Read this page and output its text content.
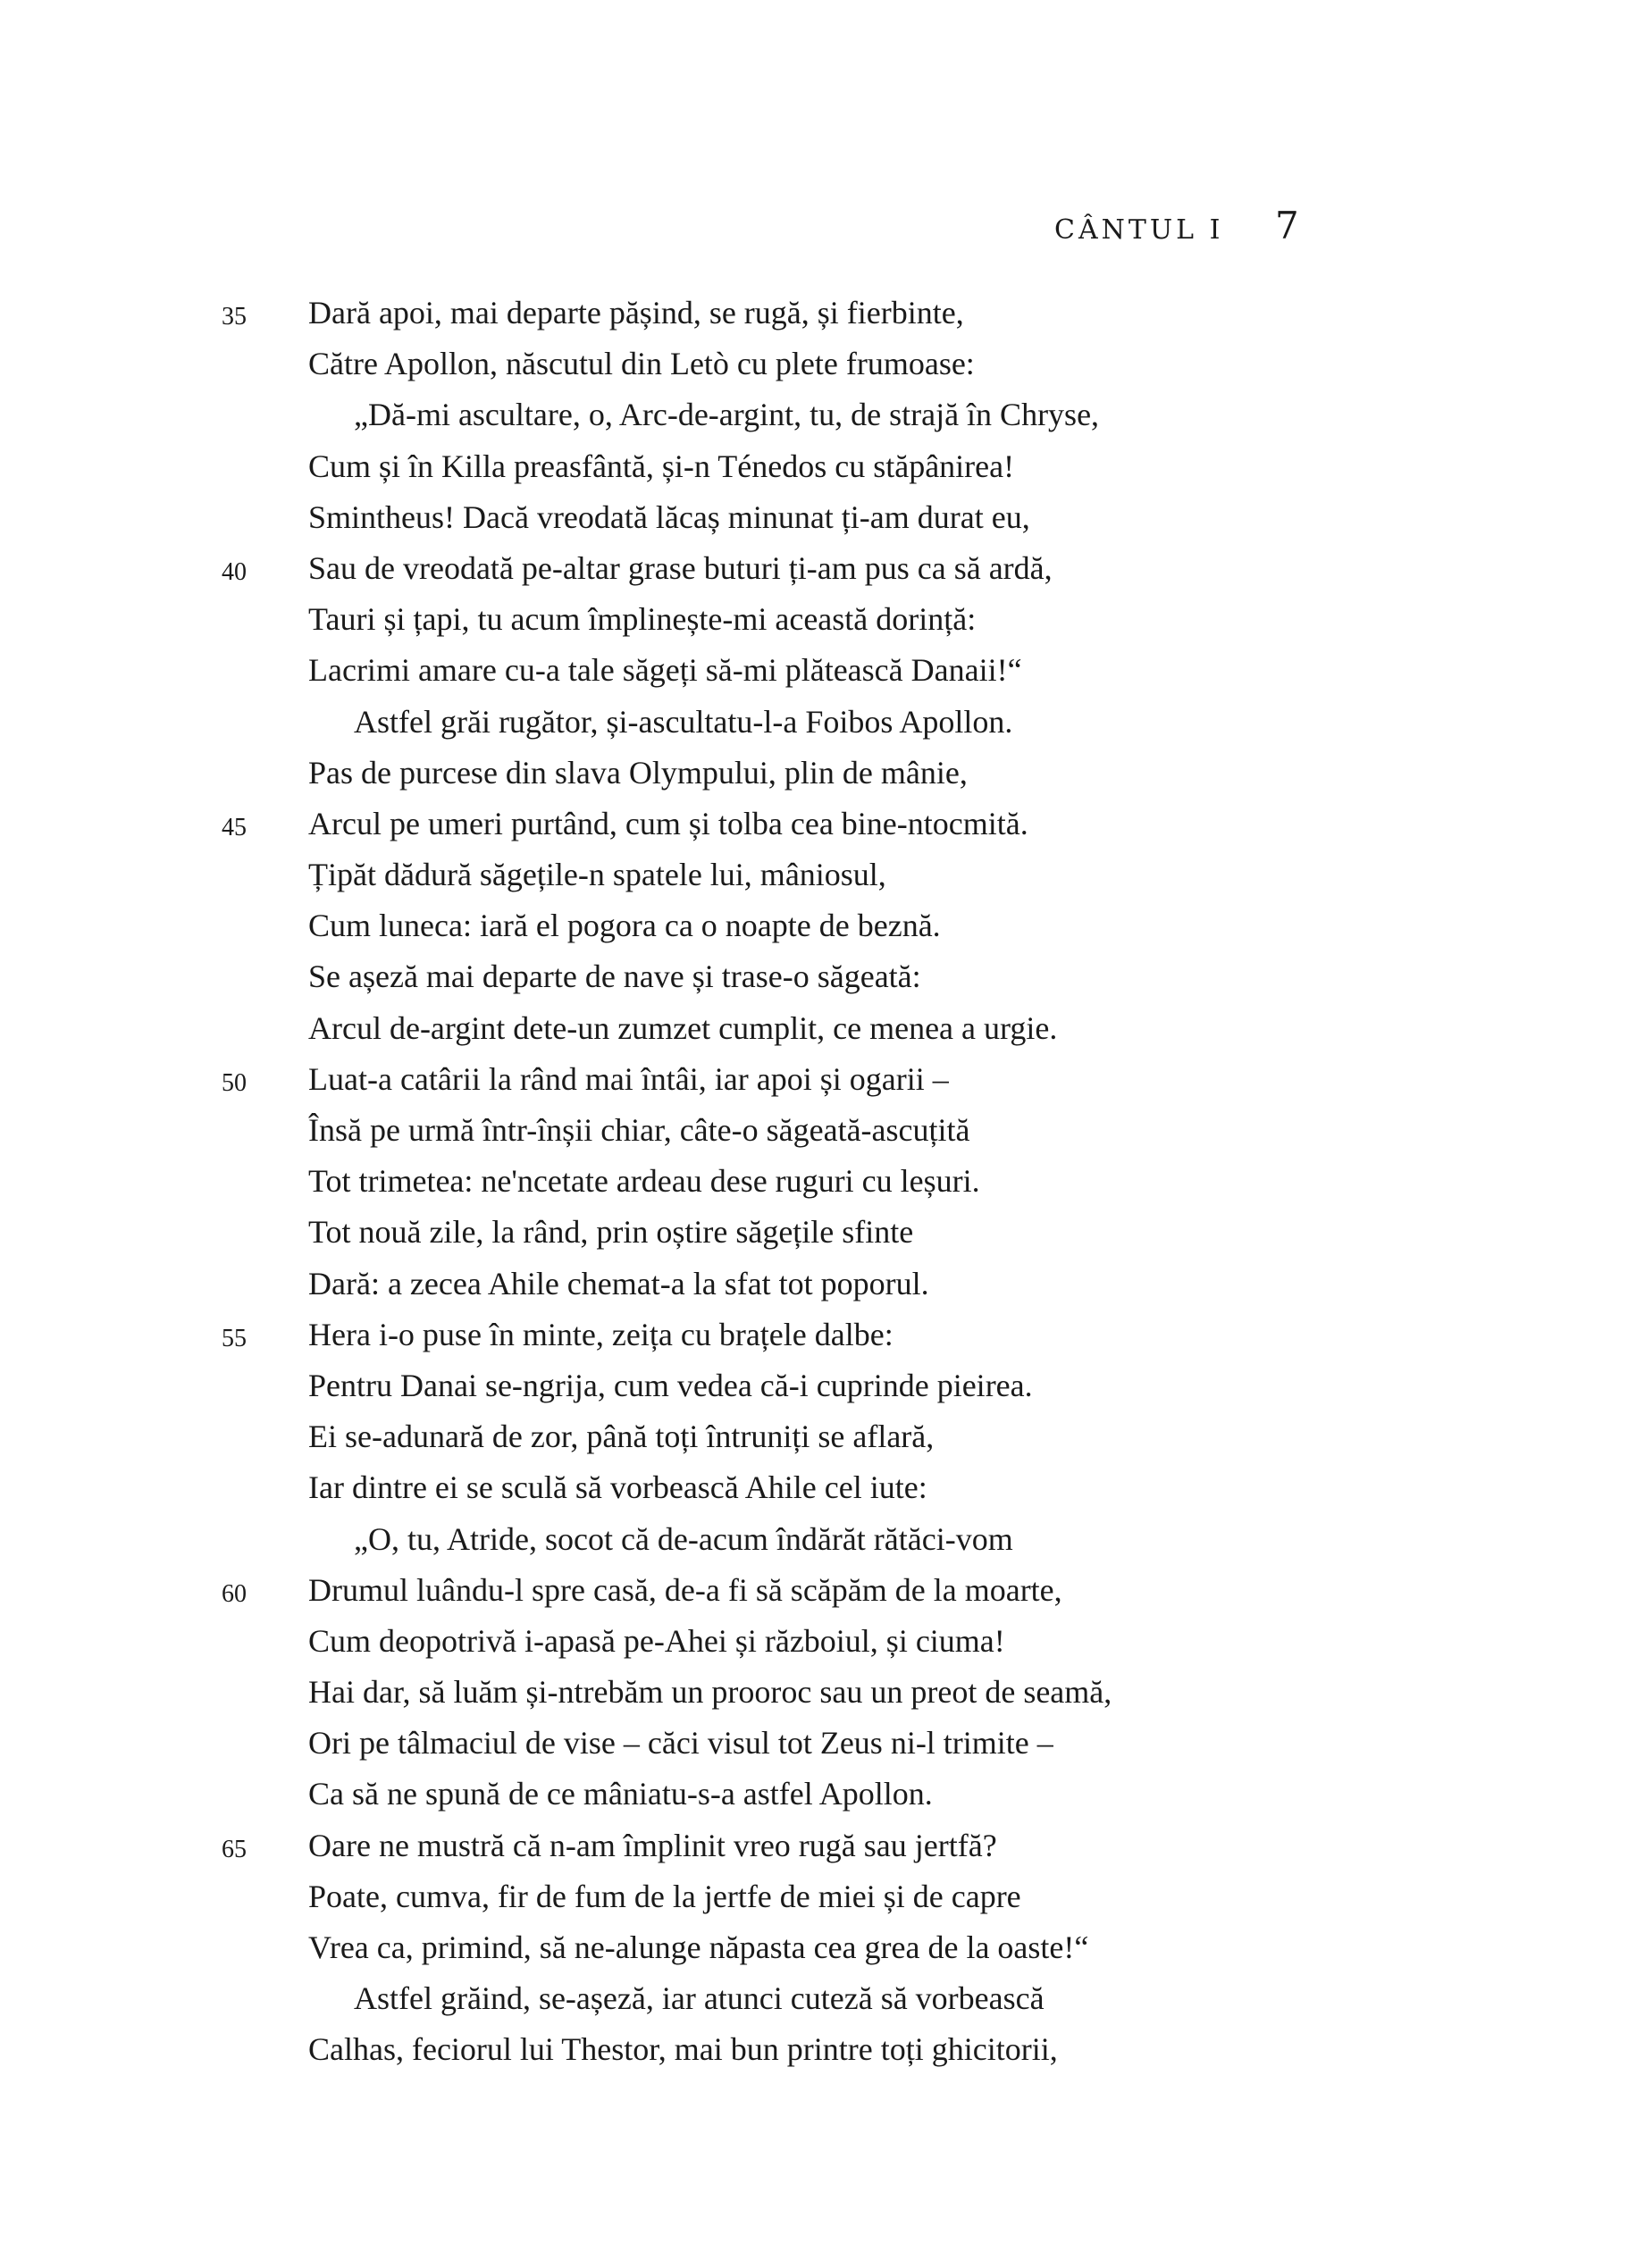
CÂNTUL I 7
35 Dară apoi, mai departe pășind, se rugă, și fierbinte,
Către Apollon, născutul din Letò cu plete frumoase:
„Dă-mi ascultare, o, Arc-de-argint, tu, de strajă în Chryse,
Cum și în Killa preasfântă, și-n Ténedos cu stăpânirea!
Smintheus! Dacă vreodată lăcaș minunat ți-am durat eu,
40 Sau de vreodată pe-altar grase buturi ți-am pus ca să ardă,
Tauri și țapi, tu acum împlinește-mi această dorință:
Lacrimi amare cu-a tale săgeți să-mi plătească Danaii!“
Astfel grăi rugător, și-ascultatu-l-a Foibos Apollon.
Pas de purcese din slava Olympului, plin de mânie,
45 Arcul pe umeri purtând, cum și tolba cea bine-ntocmită.
Țipăt dădură săgețile-n spatele lui, mâniosul,
Cum luneca: iară el pogora ca o noapte de beznă.
Se așeză mai departe de nave și trase-o săgeată:
Arcul de-argint dete-un zumzet cumplit, ce menea a urgie.
50 Luat-a catârii la rând mai întâi, iar apoi și ogarii –
Însă pe urmă într-înșii chiar, câte-o săgeată-ascuțită
Tot trimetea: ne'ncetate ardeau dese ruguri cu leșuri.
Tot nouă zile, la rând, prin oștire săgețile sfinte
Dară: a zecea Ahile chemat-a la sfat tot poporul.
55 Hera i-o puse în minte, zeița cu brațele dalbe:
Pentru Danai se-ngrija, cum vedea că-i cuprinde pieirea.
Ei se-adunară de zor, până toți întruniți se aflară,
Iar dintre ei se sculă să vorbească Ahile cel iute:
„O, tu, Atride, socot că de-acum îndărăt rătăci-vom
60 Drumul luându-l spre casă, de-a fi să scăpăm de la moarte,
Cum deopotrivă i-apasă pe-Ahei și războiul, și ciuma!
Hai dar, să luăm și-ntrebăm un prooroc sau un preot de seamă,
Ori pe tâlmaciul de vise – căci visul tot Zeus ni-l trimite –
Ca să ne spună de ce mâniatu-s-a astfel Apollon.
65 Oare ne mustră că n-am împlinit vreo rugă sau jertfă?
Poate, cumva, fir de fum de la jertfe de miei și de capre
Vrea ca, primind, să ne-alunge năpasta cea grea de la oaste!“
Astfel grăind, se-așeză, iar atunci cuteză să vorbească
Calhas, feciorul lui Thestor, mai bun printre toți ghicitorii,
